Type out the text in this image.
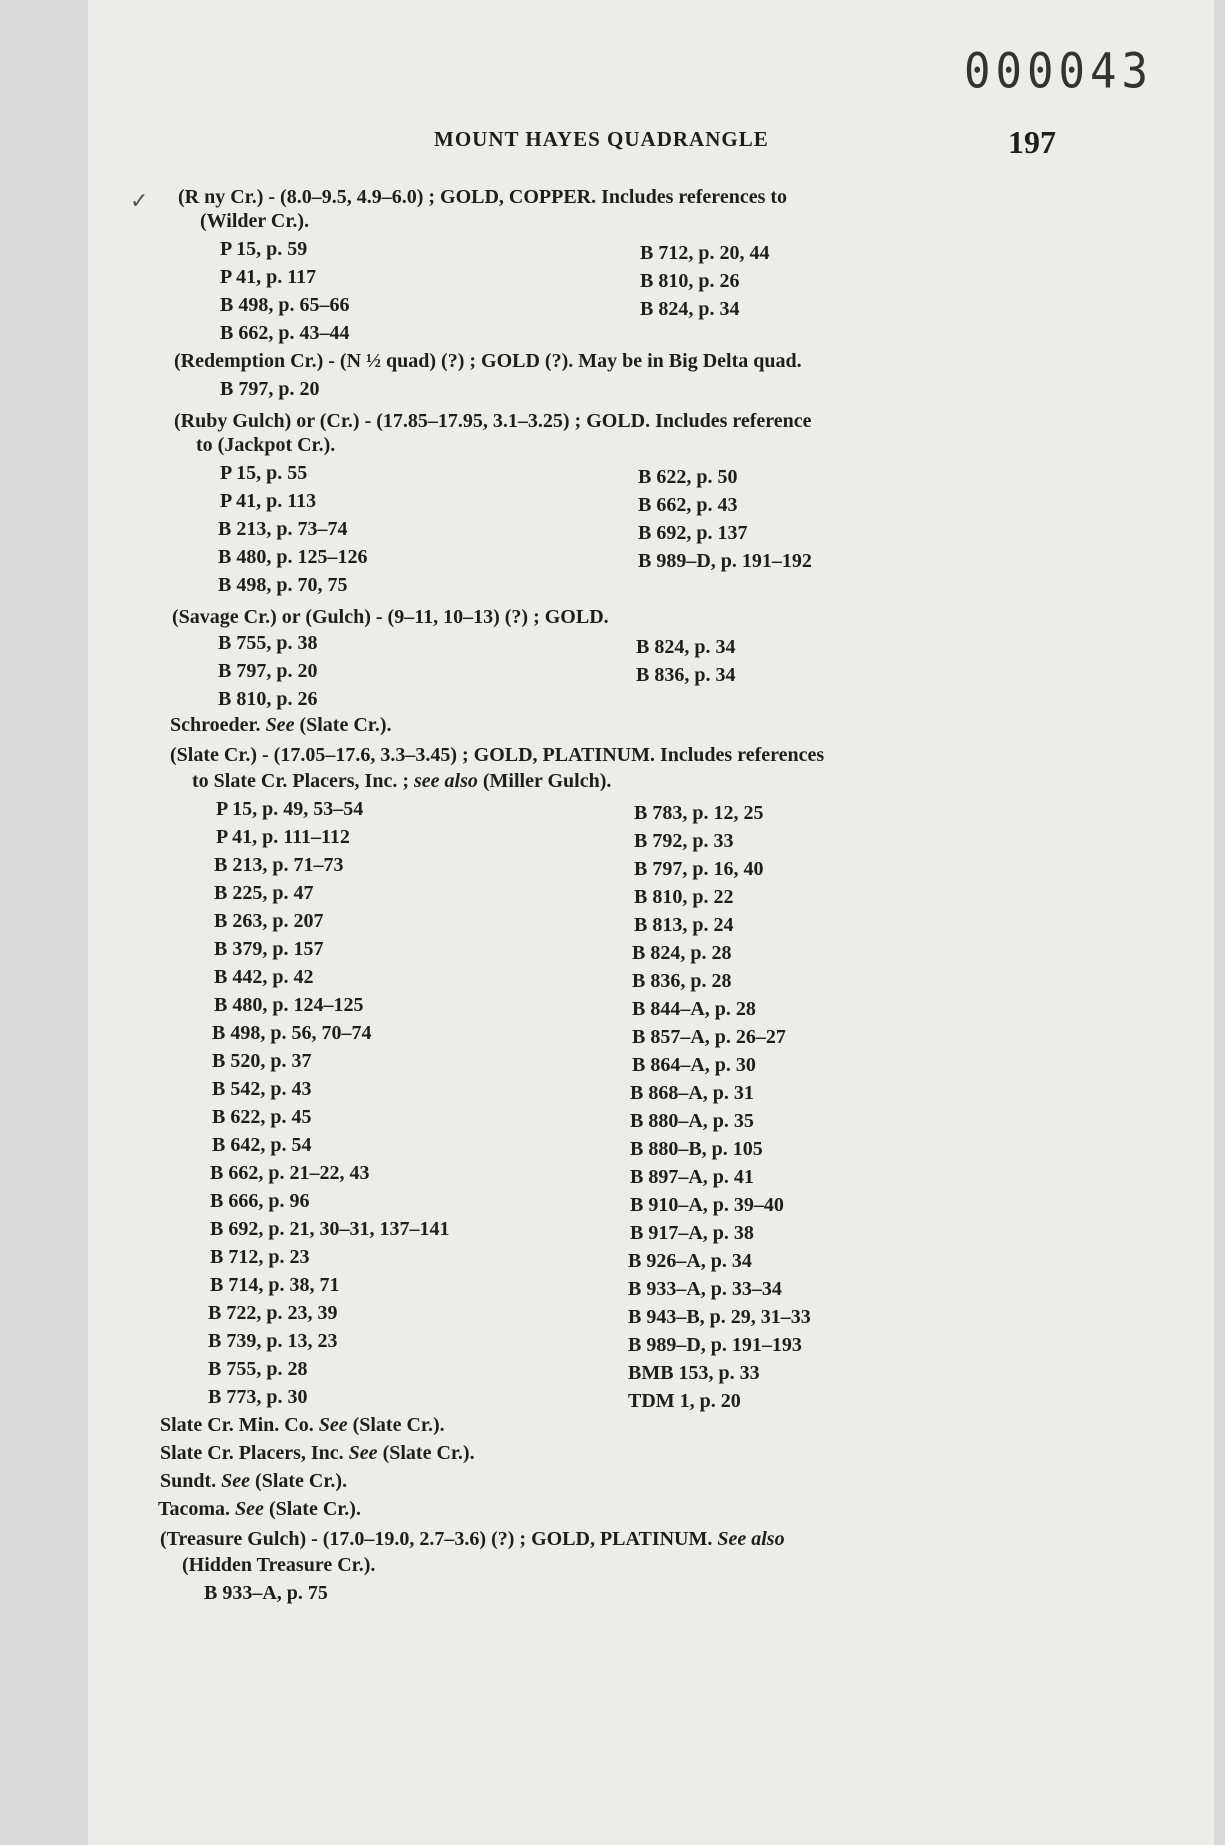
000043
MOUNT HAYES QUADRANGLE	197
(R ny Cr.) - (8.0–9.5, 4.9–6.0) ; GOLD, COPPER. Includes references to
(Wilder Cr.).
P 15, p. 59
P 41, p. 117
B 498, p. 65–66
B 662, p. 43–44
B 712, p. 20, 44
B 810, p. 26
B 824, p. 34
(Redemption Cr.) - (N ½ quad) (?) ; GOLD (?). May be in Big Delta quad.
B 797, p. 20
(Ruby Gulch) or (Cr.) - (17.85–17.95, 3.1–3.25) ; GOLD. Includes reference
to (Jackpot Cr.).
P 15, p. 55
P 41, p. 113
B 213, p. 73–74
B 480, p. 125–126
B 498, p. 70, 75
B 622, p. 50
B 662, p. 43
B 692, p. 137
B 989–D, p. 191–192
(Savage Cr.) or (Gulch) - (9–11, 10–13) (?) ; GOLD.
B 755, p. 38
B 797, p. 20
B 810, p. 26
B 824, p. 34
B 836, p. 34
Schroeder. See (Slate Cr.).
(Slate Cr.) - (17.05–17.6, 3.3–3.45) ; GOLD, PLATINUM. Includes references
to Slate Cr. Placers, Inc. ; see also (Miller Gulch).
P 15, p. 49, 53–54
P 41, p. 111–112
B 213, p. 71–73
B 225, p. 47
B 263, p. 207
B 379, p. 157
B 442, p. 42
B 480, p. 124–125
B 498, p. 56, 70–74
B 520, p. 37
B 542, p. 43
B 622, p. 45
B 642, p. 54
B 662, p. 21–22, 43
B 666, p. 96
B 692, p. 21, 30–31, 137–141
B 712, p. 23
B 714, p. 38, 71
B 722, p. 23, 39
B 739, p. 13, 23
B 755, p. 28
B 773, p. 30
B 783, p. 12, 25
B 792, p. 33
B 797, p. 16, 40
B 810, p. 22
B 813, p. 24
B 824, p. 28
B 836, p. 28
B 844–A, p. 28
B 857–A, p. 26–27
B 864–A, p. 30
B 868–A, p. 31
B 880–A, p. 35
B 880–B, p. 105
B 897–A, p. 41
B 910–A, p. 39–40
B 917–A, p. 38
B 926–A, p. 34
B 933–A, p. 33–34
B 943–B, p. 29, 31–33
B 989–D, p. 191–193
BMB 153, p. 33
TDM 1, p. 20
Slate Cr. Min. Co. See (Slate Cr.).
Slate Cr. Placers, Inc. See (Slate Cr.).
Sundt. See (Slate Cr.).
Tacoma. See (Slate Cr.).
(Treasure Gulch) - (17.0–19.0, 2.7–3.6) (?) ; GOLD, PLATINUM. See also
(Hidden Treasure Cr.).
B 933–A, p. 75
